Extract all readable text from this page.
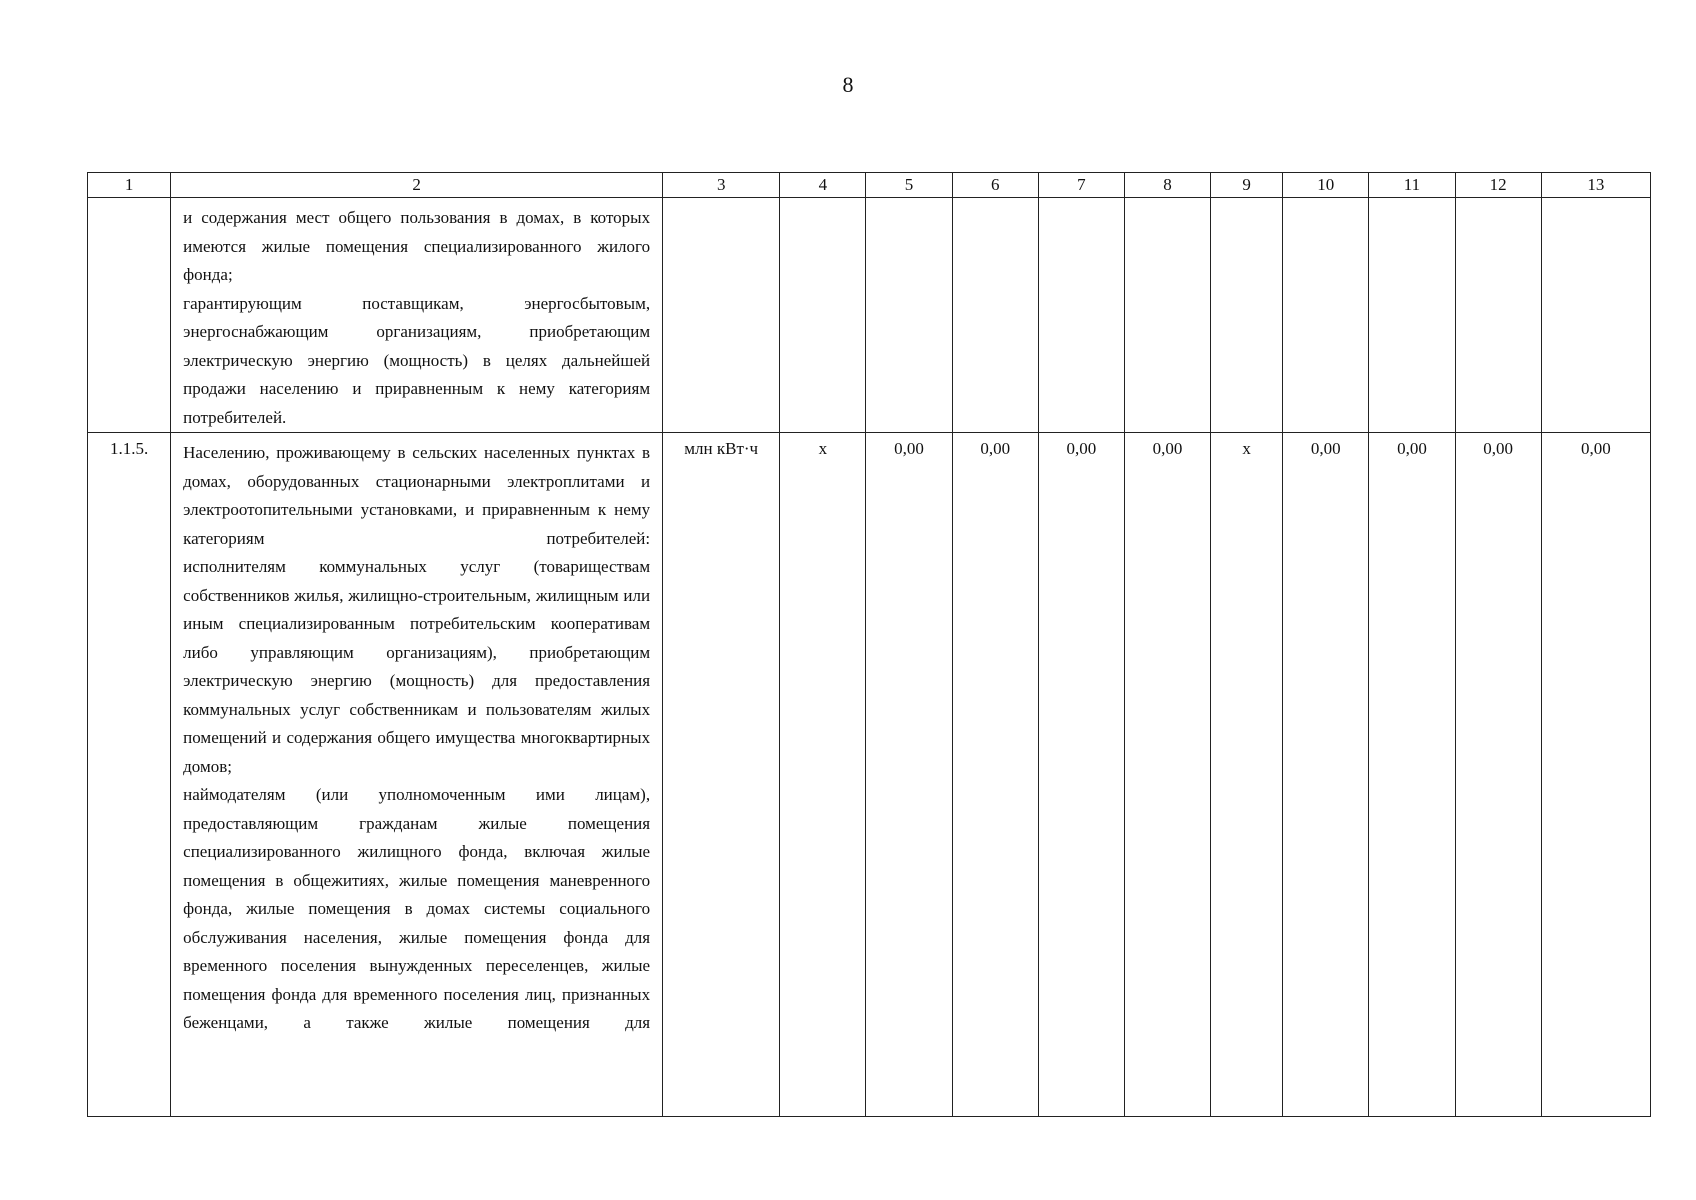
8
1	2	3	4	5	6	7	8	9	10	11	12	13

	и содержания мест общего пользования в домах, в которых имеются жилые помещения специализированного жилого фонда;

гарантирующим поставщикам, энергосбытовым, энергоснабжающим организациям, приобретающим электрическую энергию (мощность) в целях дальнейшей продажи населению и приравненным к нему категориям потребителей.											

1.1.5.	Населению, проживающему в сельских населенных пунктах в домах, оборудованных стационарными электроплитами и электроотопительными установками, и приравненным к нему категориям потребителей:

исполнителям коммунальных услуг (товариществам собственников жилья, жилищно-строительным, жилищным или иным специализированным потребительским кооперативам либо управляющим организациям), приобретающим электрическую энергию (мощность) для предоставления коммунальных услуг собственникам и пользователям жилых помещений и содержания общего имущества многоквартирных домов;

наймодателям (или уполномоченным ими лицам), предоставляющим гражданам жилые помещения специализированного жилищного фонда, включая жилые помещения в общежитиях, жилые помещения маневренного фонда, жилые помещения в домах системы социального обслуживания населения, жилые помещения фонда для временного поселения вынужденных переселенцев, жилые помещения фонда для временного поселения лиц, признанных беженцами, а также жилые помещения для	млн кВт·ч	х	0,00	0,00	0,00	0,00	х	0,00	0,00	0,00	0,00
